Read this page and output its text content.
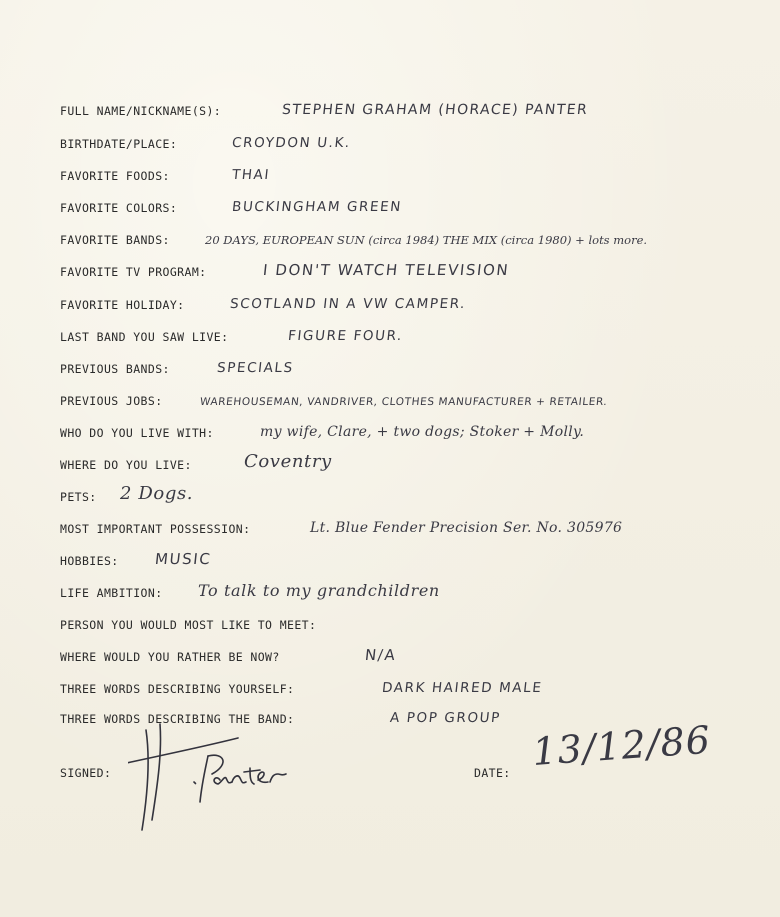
FULL NAME/NICKNAME(S):	STEPHEN GRAHAM (HORACE) PANTER
BIRTHDATE/PLACE:	CROYDON U.K.
FAVORITE FOODS:	THAI
FAVORITE COLORS:	BUCKINGHAM GREEN
FAVORITE BANDS:	20 DAYS, EUROPEAN SUN (circa 1984) THE MIX (circa 1980) + lots more.
FAVORITE TV PROGRAM:	I DON'T WATCH TELEVISION
FAVORITE HOLIDAY:	SCOTLAND IN A VW CAMPER.
LAST BAND YOU SAW LIVE:	FIGURE FOUR.
PREVIOUS BANDS:	SPECIALS
PREVIOUS JOBS:	WAREHOUSEMAN, VANDRIVER, CLOTHES MANUFACTURER + RETAILER.
WHO DO YOU LIVE WITH:	my wife, Clare, + two dogs; Stoker + Molly.
WHERE DO YOU LIVE:	Coventry
PETS: 2 Dogs.
MOST IMPORTANT POSSESSION:	Lt. Blue Fender Precision Ser. No. 305976
HOBBIES: MUSIC
LIFE AMBITION: To talk to my grandchildren
PERSON YOU WOULD MOST LIKE TO MEET:
WHERE WOULD YOU RATHER BE NOW?	N/A
THREE WORDS DESCRIBING YOURSELF:	DARK HAIRED MALE
THREE WORDS DESCRIBING THE BAND:	A POP GROUP
SIGNED:	DATE: 13/12/86
